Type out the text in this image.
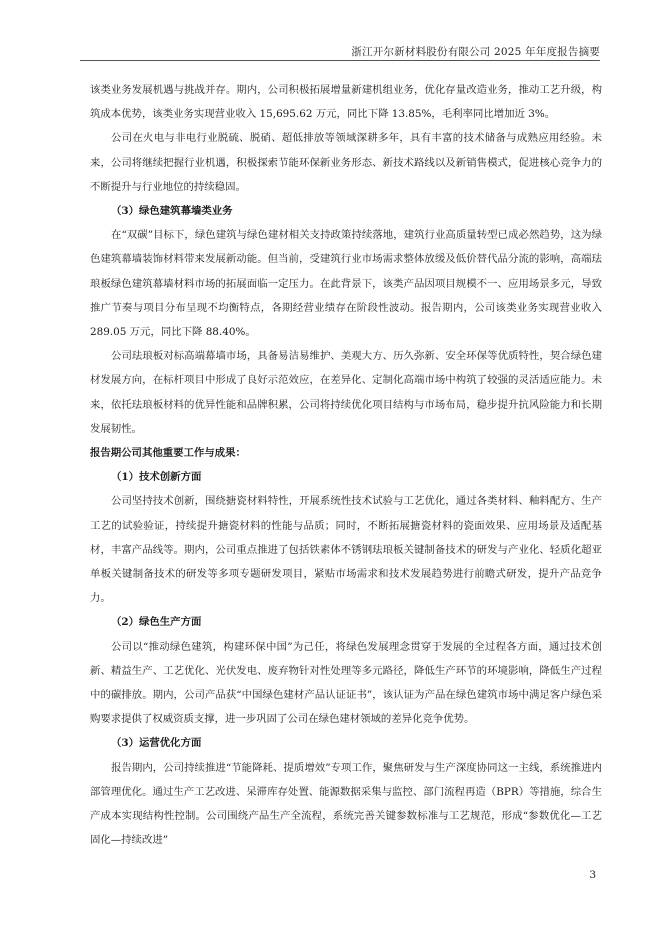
浙江开尔新材料股份有限公司 2025 年年度报告摘要

该类业务发展机遇与挑战并存。期内，公司积极拓展增量新建机组业务，优化存量改造业务，推动工艺升级，构筑成本优势，该类业务实现营业收入 15,695.62 万元，同比下降 13.85%，毛利率同比增加近 3%。

公司在火电与非电行业脱硫、脱硝、超低排放等领域深耕多年，具有丰富的技术储备与成熟应用经验。未来，公司将继续把握行业机遇，积极探索节能环保新业务形态、新技术路线以及新销售模式，促进核心竞争力的不断提升与行业地位的持续稳固。

（3）绿色建筑幕墙类业务

在“双碳”目标下，绿色建筑与绿色建材相关支持政策持续落地，建筑行业高质量转型已成必然趋势，这为绿色建筑幕墙装饰材料带来发展新动能。但当前，受建筑行业市场需求整体放缓及低价替代品分流的影响，高端珐琅板绿色建筑幕墙材料市场的拓展面临一定压力。在此背景下，该类产品因项目规模不一、应用场景多元，导致推广节奏与项目分布呈现不均衡特点，各期经营业绩存在阶段性波动。报告期内，公司该类业务实现营业收入 289.05 万元，同比下降 88.40%。

公司珐琅板对标高端幕墙市场，具备易洁易维护、美观大方、历久弥新、安全环保等优质特性，契合绿色建材发展方向，在标杆项目中形成了良好示范效应，在差异化、定制化高端市场中构筑了较强的灵活适应能力。未来，依托珐琅板材料的优异性能和品牌积累，公司将持续优化项目结构与市场布局，稳步提升抗风险能力和长期发展韧性。

报告期公司其他重要工作与成果：

（1）技术创新方面

公司坚持技术创新，围绕搪瓷材料特性，开展系统性技术试验与工艺优化，通过各类材料、釉料配方、生产工艺的试验验证，持续提升搪瓷材料的性能与品质；同时，不断拓展搪瓷材料的瓷面效果、应用场景及适配基材，丰富产品线等。期内，公司重点推进了包括铁素体不锈钢珐琅板关键制备技术的研发与产业化、轻质化超亚单板关键制备技术的研发等多项专题研发项目，紧贴市场需求和技术发展趋势进行前瞻式研发，提升产品竞争力。

（2）绿色生产方面

公司以“推动绿色建筑，构建环保中国”为己任，将绿色发展理念贯穿于发展的全过程各方面，通过技术创新、精益生产、工艺优化、光伏发电、废弃物针对性处理等多元路径，降低生产环节的环境影响，降低生产过程中的碳排放。期内，公司产品获“中国绿色建材产品认证证书”，该认证为产品在绿色建筑市场中满足客户绿色采购要求提供了权威资质支撑，进一步巩固了公司在绿色建材领域的差异化竞争优势。

（3）运营优化方面

报告期内，公司持续推进“节能降耗、提质增效”专项工作，聚焦研发与生产深度协同这一主线，系统推进内部管理优化。通过生产工艺改进、呆滞库存处置、能源数据采集与监控、部门流程再造（BPR）等措施，综合生产成本实现结构性控制。公司围绕产品生产全流程，系统完善关键参数标准与工艺规范，形成“参数优化—工艺固化—持续改进”

3
